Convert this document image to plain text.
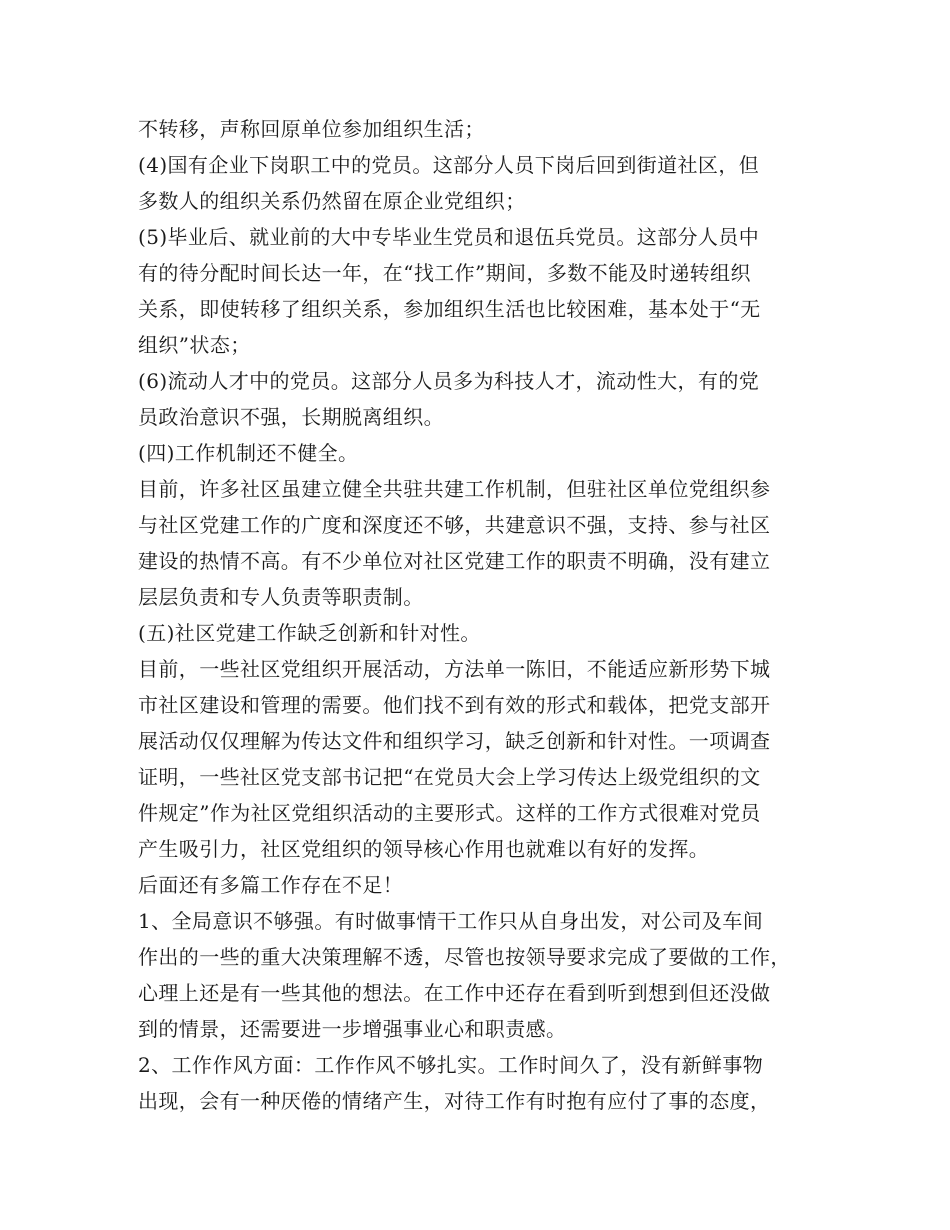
不转移，声称回原单位参加组织生活；
(4)国有企业下岗职工中的党员。这部分人员下岗后回到街道社区，但
多数人的组织关系仍然留在原企业党组织；
(5)毕业后、就业前的大中专毕业生党员和退伍兵党员。这部分人员中
有的待分配时间长达一年，在“找工作”期间，多数不能及时递转组织
关系，即使转移了组织关系，参加组织生活也比较困难，基本处于“无
组织”状态；
(6)流动人才中的党员。这部分人员多为科技人才，流动性大，有的党
员政治意识不强，长期脱离组织。
(四)工作机制还不健全。
目前，许多社区虽建立健全共驻共建工作机制，但驻社区单位党组织参
与社区党建工作的广度和深度还不够，共建意识不强，支持、参与社区
建设的热情不高。有不少单位对社区党建工作的职责不明确，没有建立
层层负责和专人负责等职责制。
(五)社区党建工作缺乏创新和针对性。
目前，一些社区党组织开展活动，方法单一陈旧，不能适应新形势下城
市社区建设和管理的需要。他们找不到有效的形式和载体，把党支部开
展活动仅仅理解为传达文件和组织学习，缺乏创新和针对性。一项调查
证明，一些社区党支部书记把“在党员大会上学习传达上级党组织的文
件规定”作为社区党组织活动的主要形式。这样的工作方式很难对党员
产生吸引力，社区党组织的领导核心作用也就难以有好的发挥。
后面还有多篇工作存在不足！
1、全局意识不够强。有时做事情干工作只从自身出发，对公司及车间
作出的一些的重大决策理解不透，尽管也按领导要求完成了要做的工作，
心理上还是有一些其他的想法。在工作中还存在看到听到想到但还没做
到的情景，还需要进一步增强事业心和职责感。
2、工作作风方面：工作作风不够扎实。工作时间久了，没有新鲜事物
出现，会有一种厌倦的情绪产生，对待工作有时抱有应付了事的态度，
